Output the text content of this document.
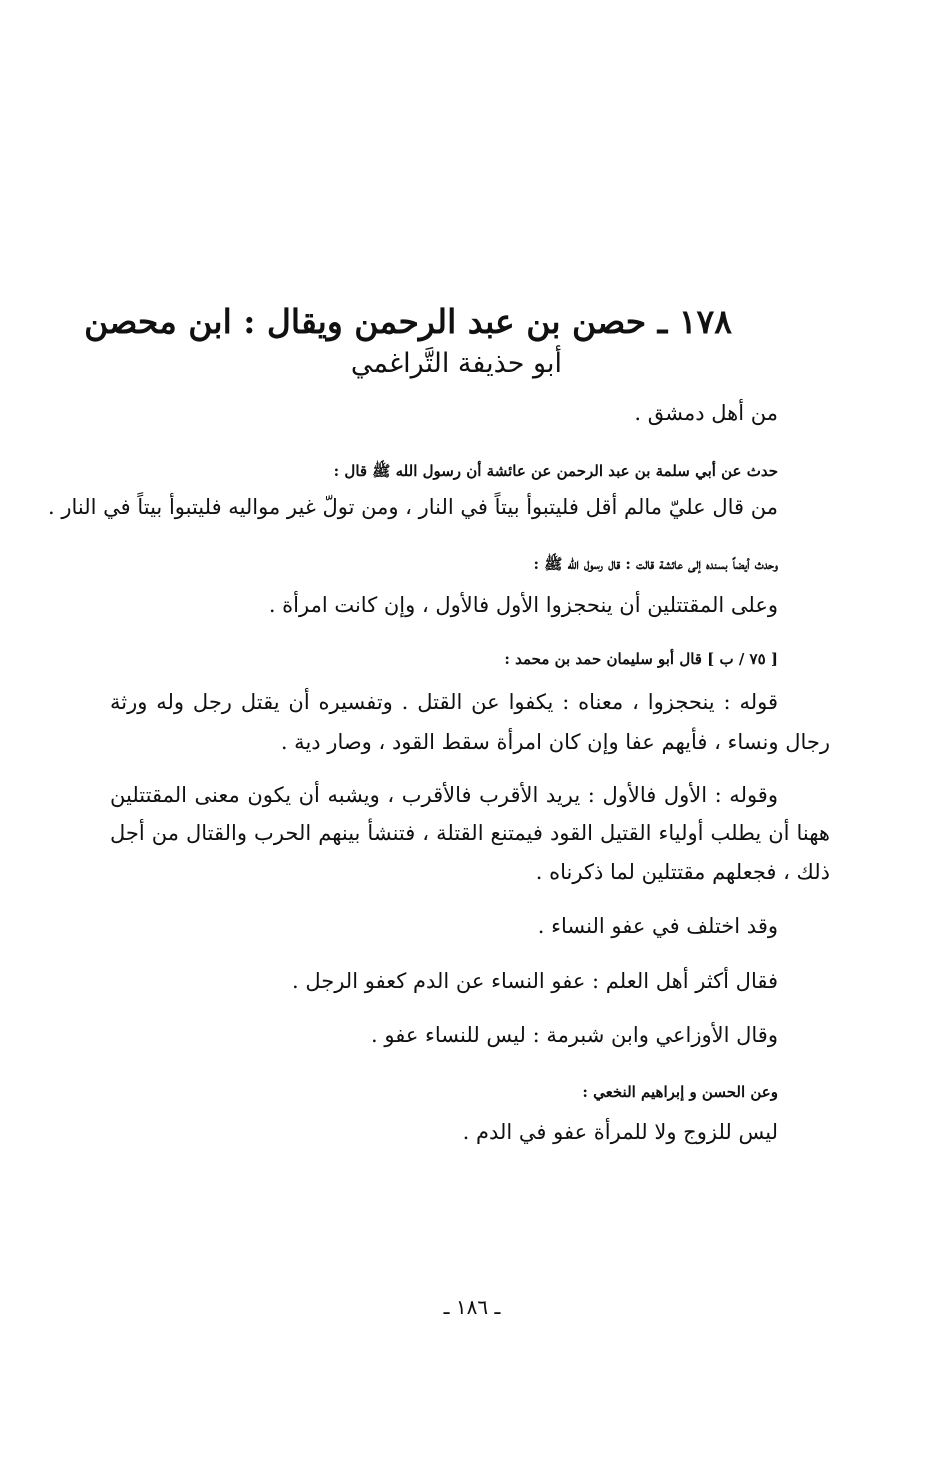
١٧٨ ـ حصن بن عبد الرحمن ويقال : ابن محصن
أبو حذيفة التَّراغمي

من أهل دمشق .

حدث عن أبي سلمة بن عبد الرحمن عن عائشة أن رسول الله ﷺ قال :

من قال عليّ مالم أقل فليتبوأ بيتاً في النار ، ومن تولّ غير مواليه فليتبوأ بيتاً في النار .

وحدث أيضاً بسنده إلى عائشة قالت : قال رسول الله ﷺ :

وعلى المقتتلين أن ينحجزوا الأول فالأول ، وإن كانت امرأة .

[ ٧٥ / ب ] قال أبو سليمان حمد بن محمد :

قوله : ينحجزوا ، معناه : يكفوا عن القتل . وتفسيره أن يقتل رجل وله ورثة

رجال ونساء ، فأيهم عفا وإن كان امرأة سقط القود ، وصار دية .

وقوله : الأول فالأول : يريد الأقرب فالأقرب ، ويشبه أن يكون معنى المقتتلين

ههنا أن يطلب أولياء القتيل القود فيمتنع القتلة ، فتنشأ بينهم الحرب والقتال من أجل

ذلك ، فجعلهم مقتتلين لما ذكرناه .

وقد اختلف في عفو النساء .

فقال أكثر أهل العلم : عفو النساء عن الدم كعفو الرجل .

وقال الأوزاعي وابن شبرمة : ليس للنساء عفو .

وعن الحسن و إبراهيم النخعي :

ليس للزوج ولا للمرأة عفو في الدم .

ـ ١٨٦ ـ
